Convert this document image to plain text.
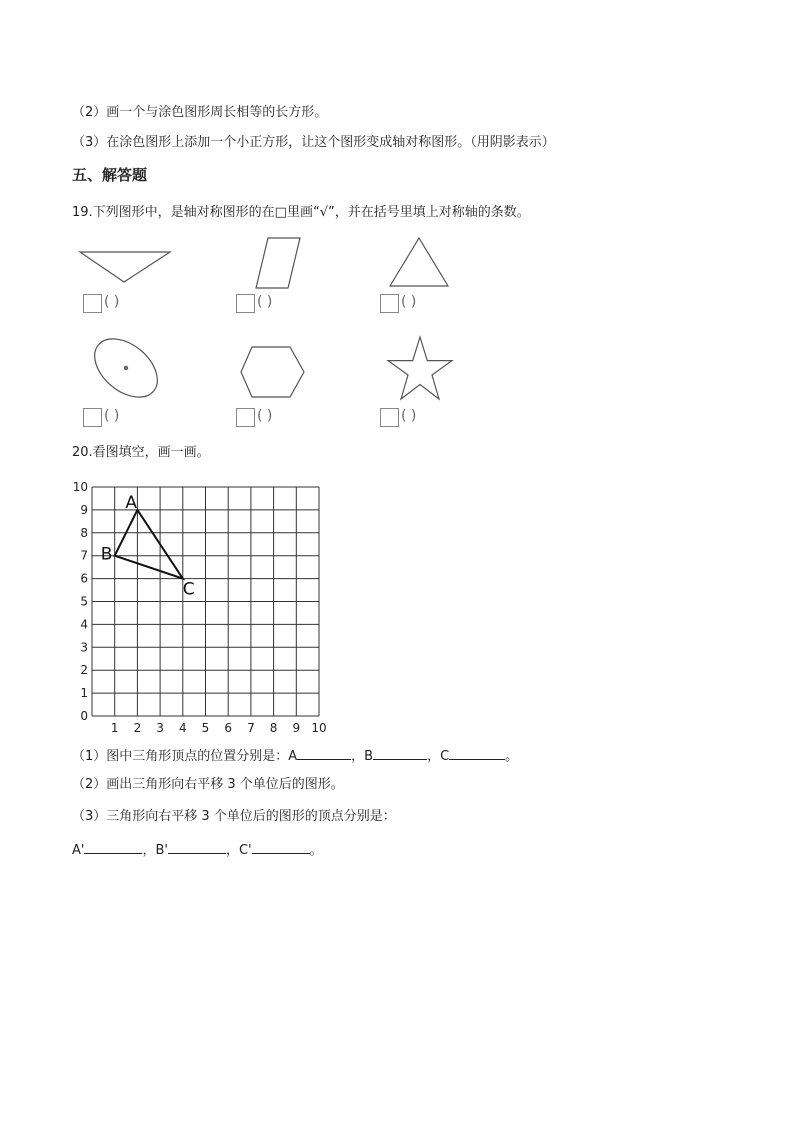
（2）画一个与涂色图形周长相等的长方形。
（3）在涂色图形上添加一个小正方形，让这个图形变成轴对称图形。（用阴影表示）
五、解答题
19.下列图形中，是轴对称图形的在□里画“√”，并在括号里填上对称轴的条数。
( )	( )	( )
( )	( )	( )
20.看图填空，画一画。
1 2 3 4 5 6 7 8 9 10
0
1
2
3
4
5
6
7
8
9
10
A
B
C
（1）图中三角形顶点的位置分别是：A	，B	，C	。
（2）画出三角形向右平移 3 个单位后的图形。
（3）三角形向右平移 3 个单位后的图形的顶点分别是：
A'	，B'	，C'	。
